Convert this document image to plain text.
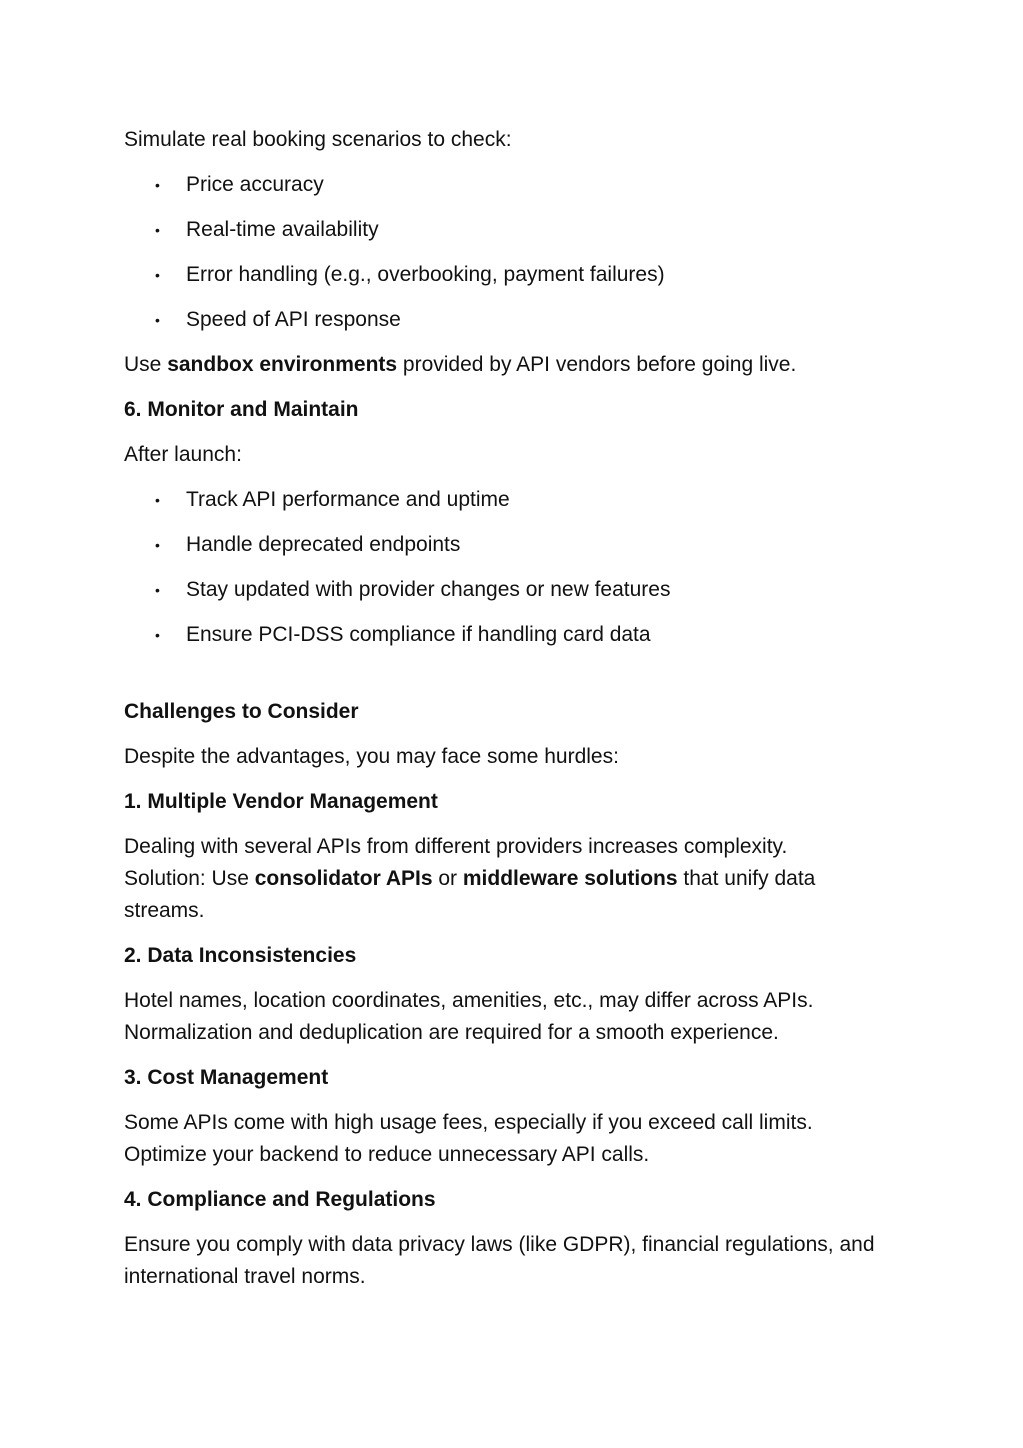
Simulate real booking scenarios to check:

• Price accuracy
• Real-time availability
• Error handling (e.g., overbooking, payment failures)
• Speed of API response

Use sandbox environments provided by API vendors before going live.

6. Monitor and Maintain

After launch:

• Track API performance and uptime
• Handle deprecated endpoints
• Stay updated with provider changes or new features
• Ensure PCI-DSS compliance if handling card data

Challenges to Consider

Despite the advantages, you may face some hurdles:

1. Multiple Vendor Management

Dealing with several APIs from different providers increases complexity.
Solution: Use consolidator APIs or middleware solutions that unify data streams.

2. Data Inconsistencies

Hotel names, location coordinates, amenities, etc., may differ across APIs. Normalization and deduplication are required for a smooth experience.

3. Cost Management

Some APIs come with high usage fees, especially if you exceed call limits. Optimize your backend to reduce unnecessary API calls.

4. Compliance and Regulations

Ensure you comply with data privacy laws (like GDPR), financial regulations, and international travel norms.
